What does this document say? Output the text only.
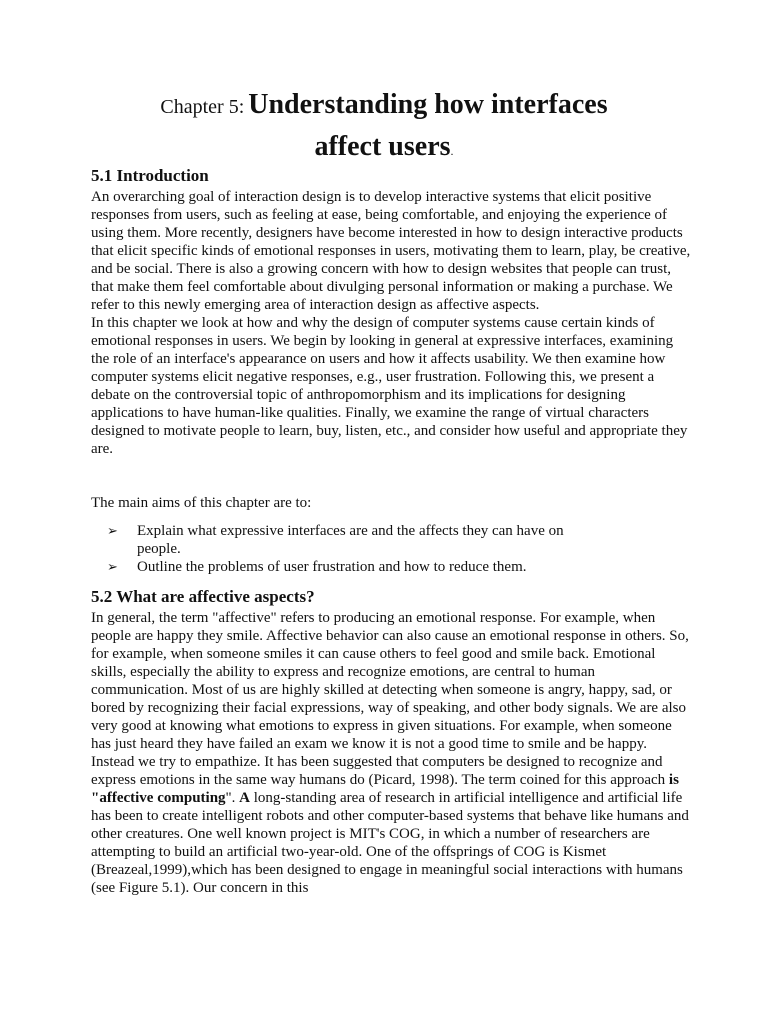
Chapter 5: Understanding how interfaces
affect users.
5.1 Introduction

An overarching goal of interaction design is to develop interactive systems that elicit positive responses from users, such as feeling at ease, being comfortable, and enjoying the experience of using them. More recently, designers have become interested in how to design interactive products that elicit specific kinds of emotional responses in users, motivating them to learn, play, be creative, and be social. There is also a growing concern with how to design websites that people can trust, that make them feel comfortable about divulging personal information or making a purchase. We refer to this newly emerging area of interaction design as affective aspects.

In this chapter we look at how and why the design of computer systems cause certain kinds of emotional responses in users. We begin by looking in general at expressive interfaces, examining the role of an interface's appearance on users and how it affects usability. We then examine how computer systems elicit negative responses, e.g., user frustration. Following this, we present a debate on the controversial topic of anthropomorphism and its implications for designing applications to have human-like qualities. Finally, we examine the range of virtual characters designed to motivate people to learn, buy, listen, etc., and consider how useful and appropriate they are.

The main aims of this chapter are to:

➢ Explain what expressive interfaces are and the affects they can have on people.
➢ Outline the problems of user frustration and how to reduce them.
5.2 What are affective aspects?

In general, the term "affective" refers to producing an emotional response. For example, when people are happy they smile. Affective behavior can also cause an emotional response in others. So, for example, when someone smiles it can cause others to feel good and smile back. Emotional skills, especially the ability to express and recognize emotions, are central to human communication. Most of us are highly skilled at detecting when someone is angry, happy, sad, or bored by recognizing their facial expressions, way of speaking, and other body signals. We are also very good at knowing what emotions to express in given situations. For example, when someone has just heard they have failed an exam we know it is not a good time to smile and be happy. Instead we try to empathize. It has been suggested that computers be designed to recognize and express emotions in the same way humans do (Picard, 1998). The term coined for this approach is "affective computing". A long-standing area of research in artificial intelligence and artificial life has been to create intelligent robots and other computer-based systems that behave like humans and other creatures. One well known project is MIT's COG, in which a number of researchers are attempting to build an artificial two-year-old. One of the offsprings of COG is Kismet (Breazeal,1999),which has been designed to engage in meaningful social interactions with humans (see Figure 5.1). Our concern in this
